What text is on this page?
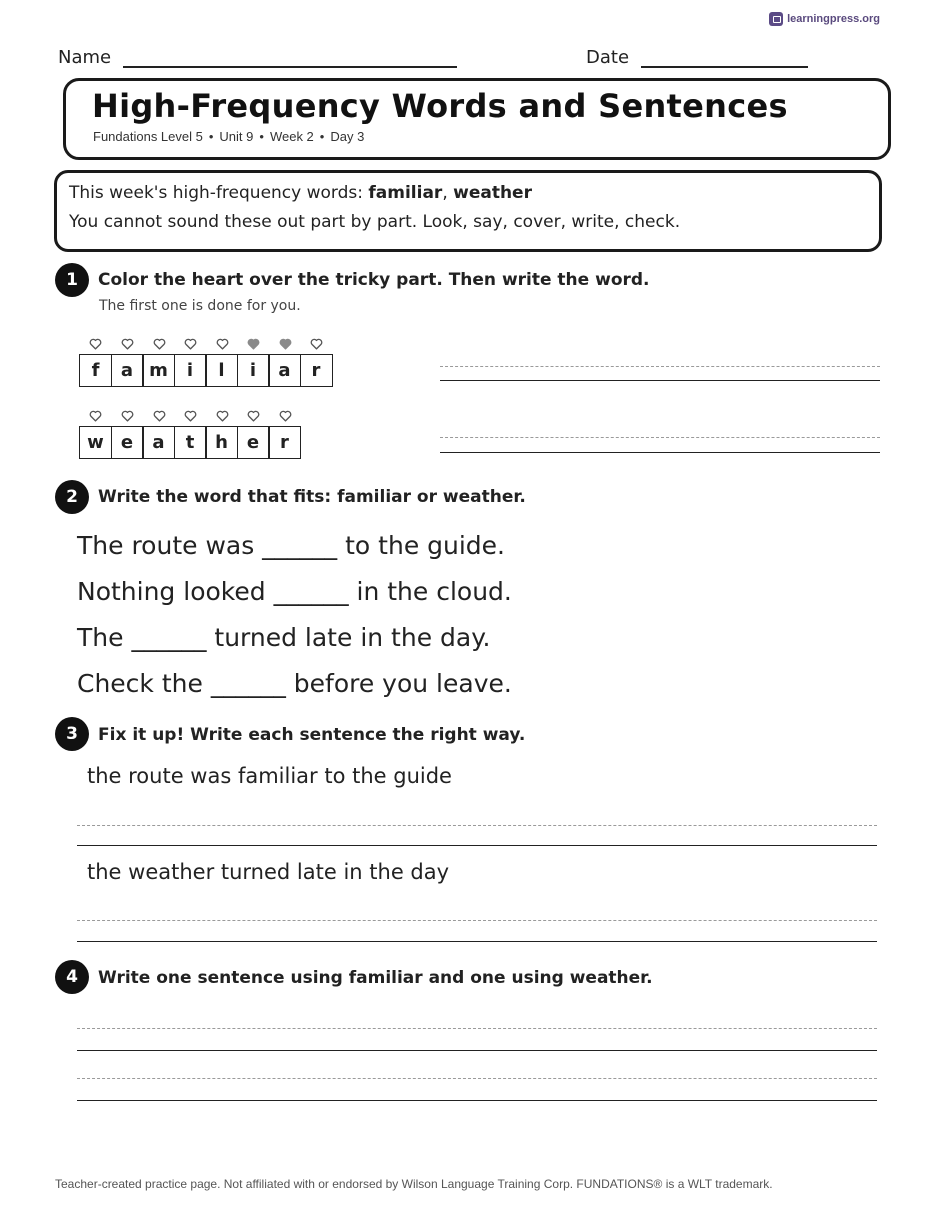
learningpress.org
Name	Date
High-Frequency Words and Sentences
Fundations Level 5 • Unit 9 • Week 2 • Day 3
This week's high-frequency words: familiar, weather
You cannot sound these out part by part. Look, say, cover, write, check.
1	Color the heart over the tricky part. Then write the word.
The first one is done for you.
f	a m	i	l	i	a	r
w e	a	t	h	e	r
2	Write the word that fits: familiar or weather.
The route was ______ to the guide.
Nothing looked ______ in the cloud.
The ______ turned late in the day.
Check the ______ before you leave.
3	Fix it up! Write each sentence the right way.
the route was familiar to the guide
the weather turned late in the day
4	Write one sentence using familiar and one using weather.
Teacher-created practice page. Not affiliated with or endorsed by Wilson Language Training Corp. FUNDATIONS® is a WLT trademark.
